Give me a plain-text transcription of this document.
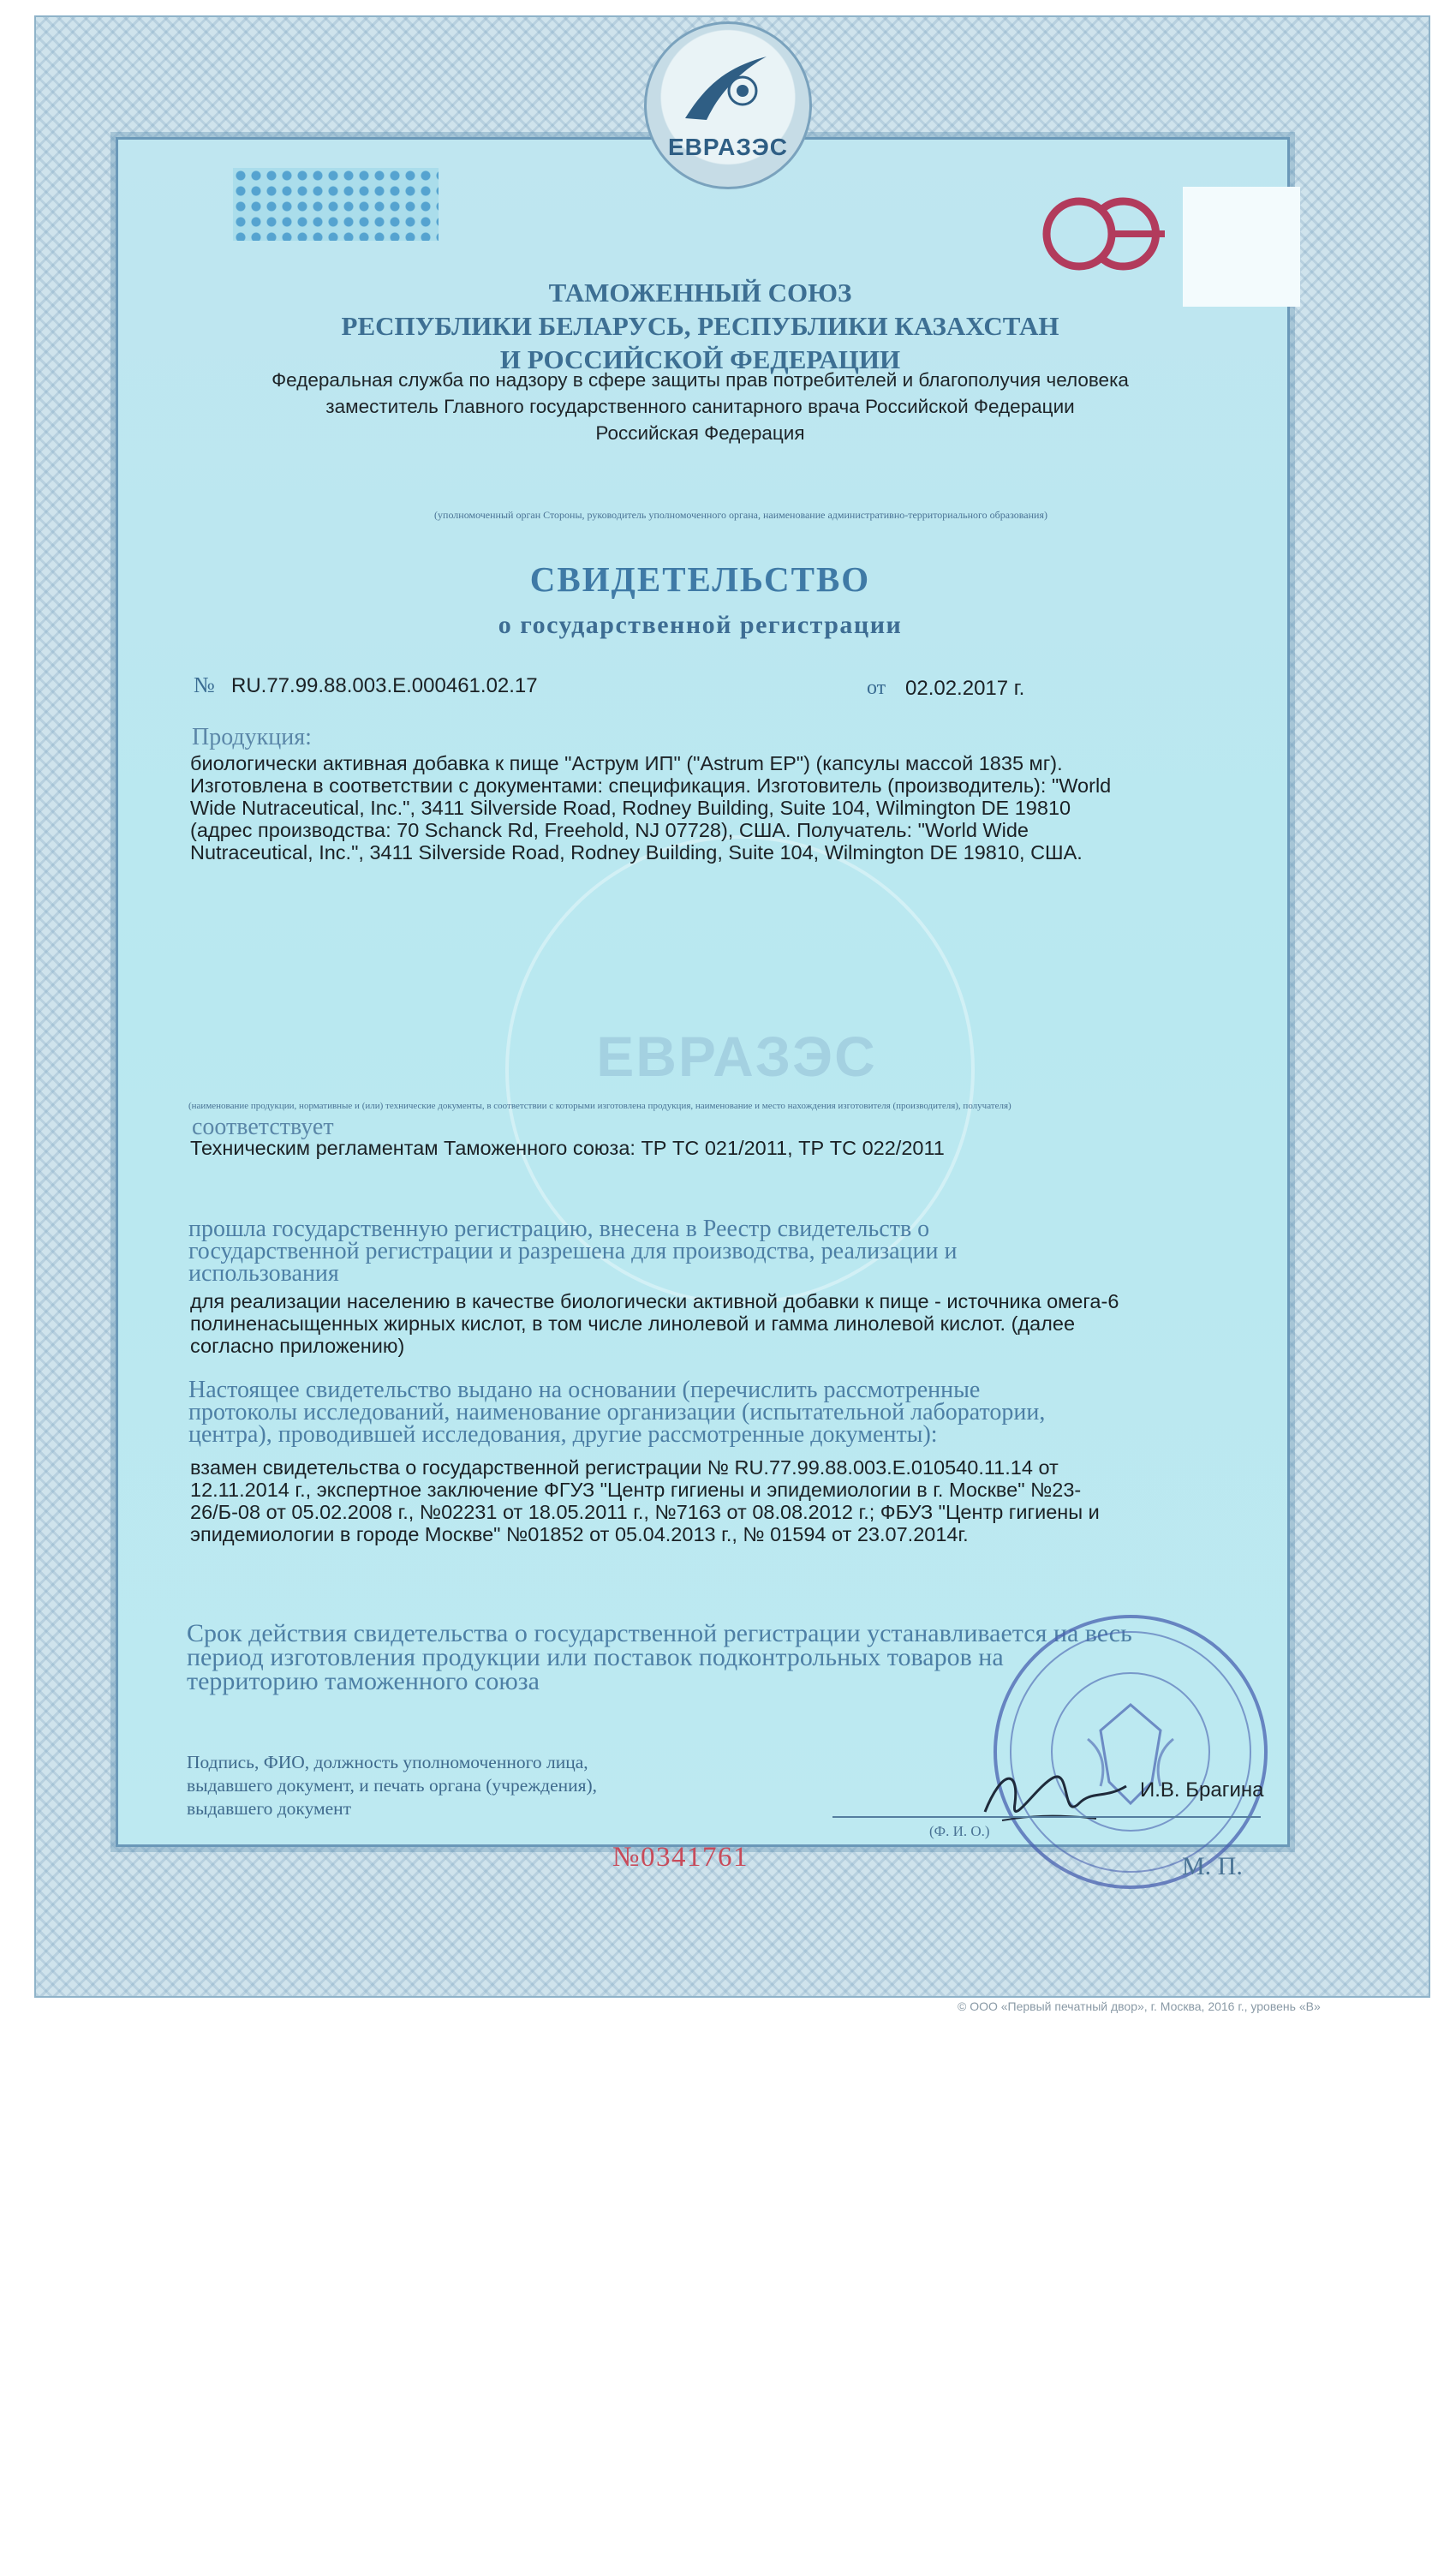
ЕВРАЗЭС
ЕВРАЗЭС
ТАМОЖЕННЫЙ СОЮЗ
РЕСПУБЛИКИ БЕЛАРУСЬ, РЕСПУБЛИКИ КАЗАХСТАН
И РОССИЙСКОЙ ФЕДЕРАЦИИ
Федеральная служба по надзору в сфере защиты прав потребителей и благополучия человека
заместитель Главного государственного санитарного врача Российской Федерации
Российская Федерация
(уполномоченный орган Стороны, руководитель уполномоченного органа, наименование административно-территориального образования)
СВИДЕТЕЛЬСТВО
о государственной регистрации
№ RU.77.99.88.003.Е.000461.02.17	от 02.02.2017 г.
Продукция:
биологически активная добавка к пище "Аструм ИП" ("Astrum EP") (капсулы массой 1835 мг).
Изготовлена в соответствии с документами: спецификация. Изготовитель (производитель): "World
Wide Nutraceutical, Inc.", 3411 Silverside Road, Rodney Building, Suite 104, Wilmington DE 19810
(адрес производства: 70 Schanck Rd, Freehold, NJ 07728), США. Получатель: "World Wide
Nutraceutical, Inc.", 3411 Silverside Road, Rodney Building, Suite 104, Wilmington DE 19810, США.
(наименование продукции, нормативные и (или) технические документы, в соответствии с которыми изготовлена продукция, наименование и место нахождения изготовителя (производителя), получателя)
соответствует
Техническим регламентам Таможенного союза: ТР ТС 021/2011, ТР ТС 022/2011
прошла государственную регистрацию, внесена в Реестр свидетельств о
государственной регистрации и разрешена для производства, реализации и
использования
для реализации населению в качестве биологически активной добавки к пище - источника омега-6
полиненасыщенных жирных кислот, в том числе линолевой и гамма линолевой кислот. (далее
согласно приложению)
Настоящее свидетельство выдано на основании (перечислить рассмотренные
протоколы исследований, наименование организации (испытательной лаборатории,
центра), проводившей исследования, другие рассмотренные документы):
взамен свидетельства о государственной регистрации № RU.77.99.88.003.Е.010540.11.14 от
12.11.2014 г., экспертное заключение ФГУЗ "Центр гигиены и эпидемиологии в г. Москве" №23-
26/Б-08 от 05.02.2008 г., №02231 от 18.05.2011 г., №7163 от 08.08.2012 г.; ФБУЗ "Центр гигиены и
эпидемиологии в городе Москве" №01852 от 05.04.2013 г., № 01594 от 23.07.2014г.
Срок действия свидетельства о государственной регистрации устанавливается на весь
период изготовления продукции или поставок подконтрольных товаров на
территорию таможенного союза
Подпись, ФИО, должность уполномоченного лица,
выдавшего документ, и печать органа (учреждения),
выдавшего документ
И.В. Брагина
(Ф. И. О.)
М. П.
№0341761
© ООО «Первый печатный двор», г. Москва, 2016 г., уровень «В»
